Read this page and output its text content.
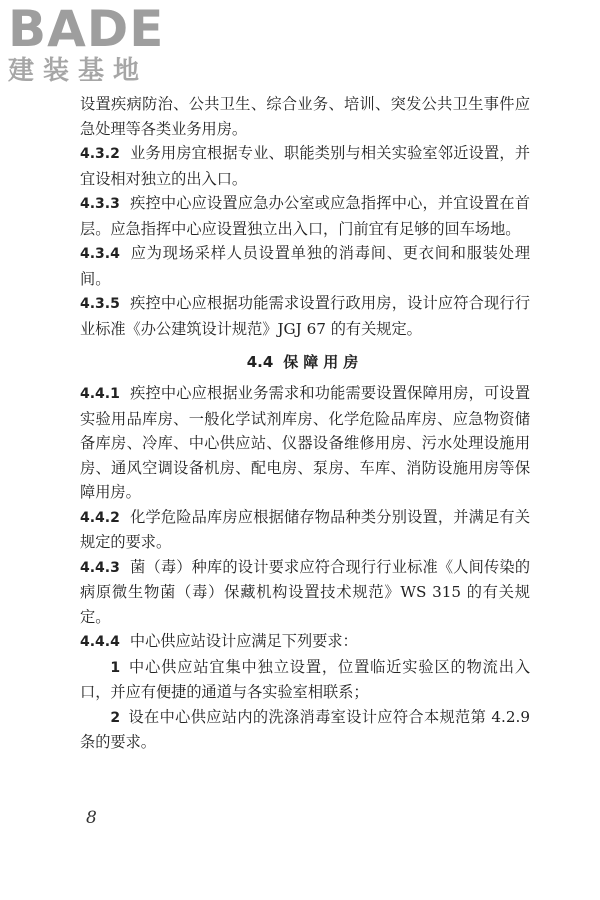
BADE
建装基地

设置疾病防治、公共卫生、综合业务、培训、突发公共卫生事件应急处理等各类业务用房。

4.3.2 业务用房宜根据专业、职能类别与相关实验室邻近设置，并宜设相对独立的出入口。

4.3.3 疾控中心应设置应急办公室或应急指挥中心，并宜设置在首层。应急指挥中心应设置独立出入口，门前宜有足够的回车场地。

4.3.4 应为现场采样人员设置单独的消毒间、更衣间和服装处理间。

4.3.5 疾控中心应根据功能需求设置行政用房，设计应符合现行行业标准《办公建筑设计规范》JGJ 67 的有关规定。

4.4 保障用房

4.4.1 疾控中心应根据业务需求和功能需要设置保障用房，可设置实验用品库房、一般化学试剂库房、化学危险品库房、应急物资储备库房、冷库、中心供应站、仪器设备维修用房、污水处理设施用房、通风空调设备机房、配电房、泵房、车库、消防设施用房等保障用房。

4.4.2 化学危险品库房应根据储存物品种类分别设置，并满足有关规定的要求。

4.4.3 菌（毒）种库的设计要求应符合现行行业标准《人间传染的病原微生物菌（毒）保藏机构设置技术规范》WS 315 的有关规定。

4.4.4 中心供应站设计应满足下列要求：

1 中心供应站宜集中独立设置，位置临近实验区的物流出入口，并应有便捷的通道与各实验室相联系；

2 设在中心供应站内的洗涤消毒室设计应符合本规范第 4.2.9 条的要求。

8
